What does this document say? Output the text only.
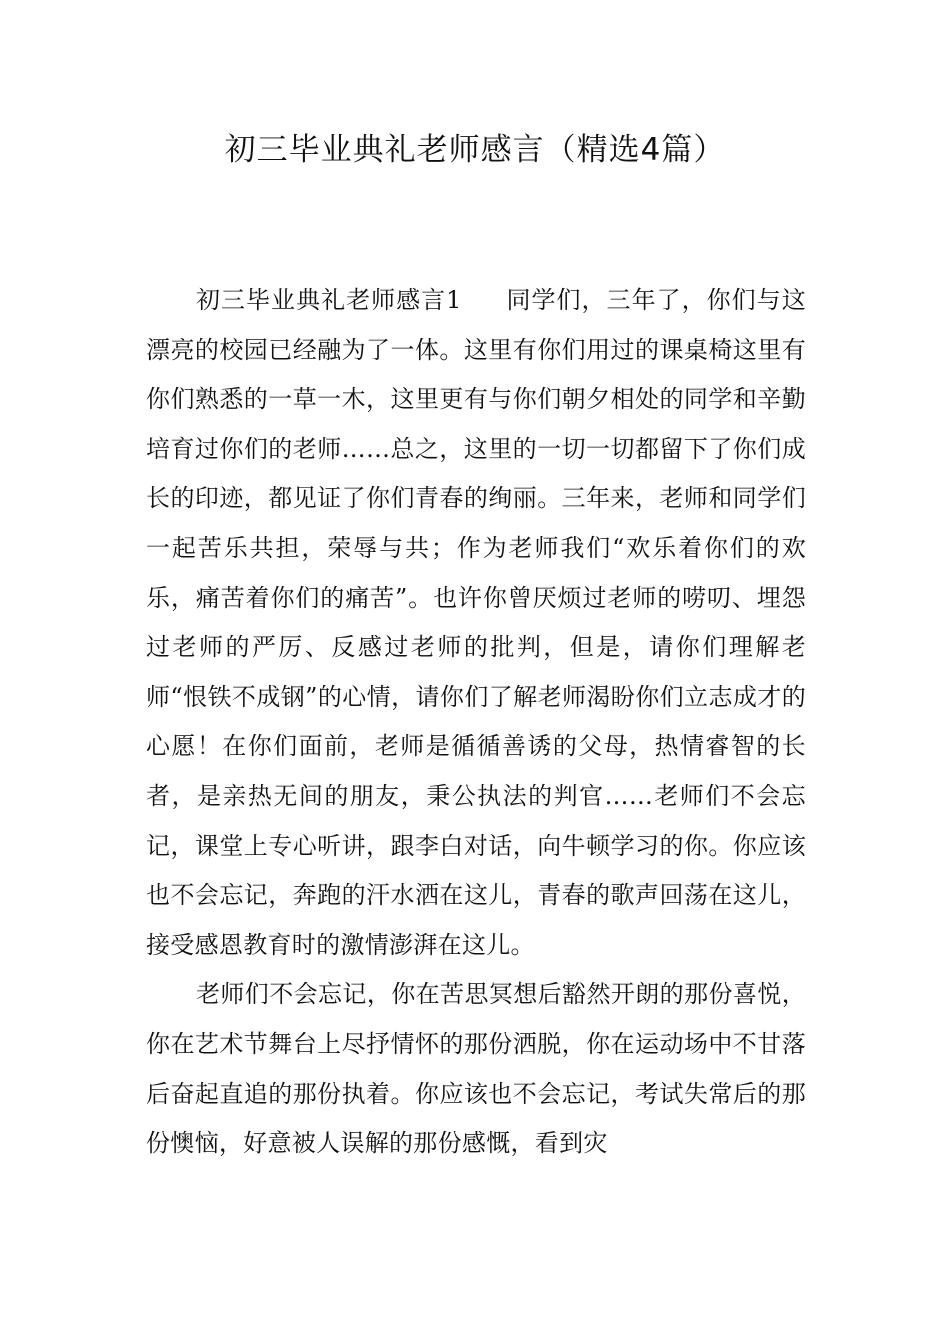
初三毕业典礼老师感言（精选4篇）

初三毕业典礼老师感言1 同学们，三年了，你们与这漂亮的校园已经融为了一体。这里有你们用过的课桌椅这里有你们熟悉的一草一木，这里更有与你们朝夕相处的同学和辛勤培育过你们的老师……总之，这里的一切一切都留下了你们成长的印迹，都见证了你们青春的绚丽。三年来，老师和同学们一起苦乐共担，荣辱与共；作为老师我们“欢乐着你们的欢乐，痛苦着你们的痛苦”。也许你曾厌烦过老师的唠叨、埋怨过老师的严厉、反感过老师的批判，但是，请你们理解老师“恨铁不成钢”的心情，请你们了解老师渴盼你们立志成才的心愿！在你们面前，老师是循循善诱的父母，热情睿智的长者，是亲热无间的朋友，秉公执法的判官……老师们不会忘记，课堂上专心听讲，跟李白对话，向牛顿学习的你。你应该也不会忘记，奔跑的汗水洒在这儿，青春的歌声回荡在这儿，接受感恩教育时的激情澎湃在这儿。

老师们不会忘记，你在苦思冥想后豁然开朗的那份喜悦，你在艺术节舞台上尽抒情怀的那份洒脱，你在运动场中不甘落后奋起直追的那份执着。你应该也不会忘记，考试失常后的那份懊恼，好意被人误解的那份感慨，看到灾
